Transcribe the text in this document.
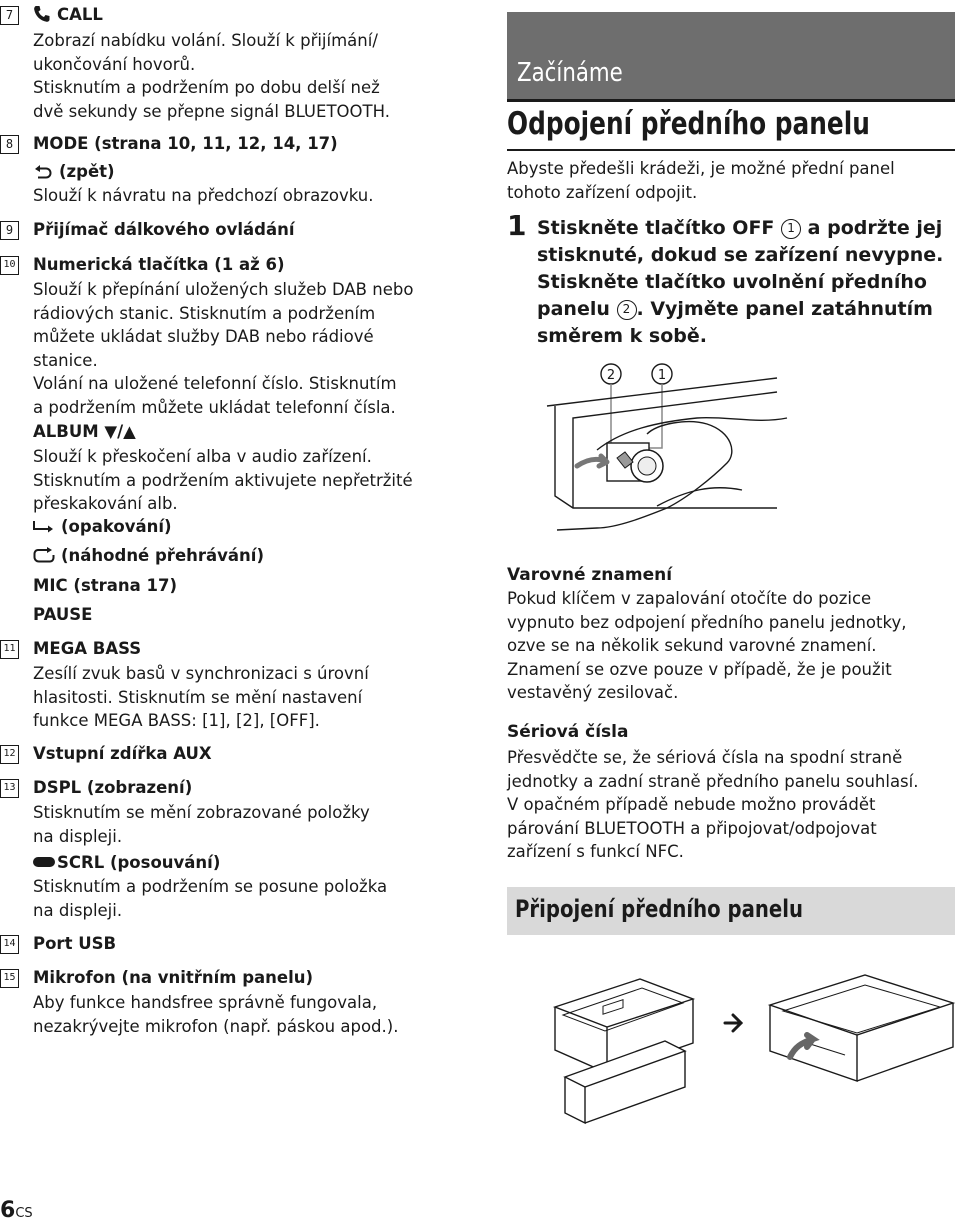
7	CALL
Zobrazí nabídku volání. Slouží k přijímání/
ukončování hovorů.
Stisknutím a podržením po dobu delší než
dvě sekundy se přepne signál BLUETOOTH.
8	MODE (strana 10, 11, 12, 14, 17)
(zpět)
Slouží k návratu na předchozí obrazovku.
9	Přijímač dálkového ovládání
10 Numerická tlačítka (1 až 6)
Slouží k přepínání uložených služeb DAB nebo
rádiových stanic. Stisknutím a podržením
můžete ukládat služby DAB nebo rádiové
stanice.
Volání na uložené telefonní číslo. Stisknutím
a podržením můžete ukládat telefonní čísla.
ALBUM ▼/▲
Slouží k přeskočení alba v audio zařízení.
Stisknutím a podržením aktivujete nepřetržité
přeskakování alb.
(opakování)
(náhodné přehrávání)
MIC (strana 17)
PAUSE
11 MEGA BASS
Zesílí zvuk basů v synchronizaci s úrovní
hlasitosti. Stisknutím se mění nastavení
funkce MEGA BASS: [1], [2], [OFF].
12 Vstupní zdířka AUX
13 DSPL (zobrazení)
Stisknutím se mění zobrazované položky
na displeji.
SCRL (posouvání)
Stisknutím a podržením se posune položka
na displeji.
14 Port USB
15 Mikrofon (na vnitřním panelu)
Aby funkce handsfree správně fungovala,
nezakrývejte mikrofon (např. páskou apod.).
Začínáme
Odpojení předního panelu
Abyste předešli krádeži, je možné přední panel
tohoto zařízení odpojit.
1 Stiskněte tlačítko OFF 1 a podržte jej
stisknuté, dokud se zařízení nevypne.
Stiskněte tlačítko uvolnění předního
panelu 2 . Vyjměte panel zatáhnutím
směrem k sobě.
2	1
Varovné znamení
Pokud klíčem v zapalování otočíte do pozice
vypnuto bez odpojení předního panelu jednotky,
ozve se na několik sekund varovné znamení.
Znamení se ozve pouze v případě, že je použit
vestavěný zesilovač.
Sériová čísla
Přesvědčte se, že sériová čísla na spodní straně
jednotky a zadní straně předního panelu souhlasí.
V opačném případě nebude možno provádět
párování BLUETOOTH a připojovat/odpojovat
zařízení s funkcí NFC.
Připojení předního panelu
6CS
